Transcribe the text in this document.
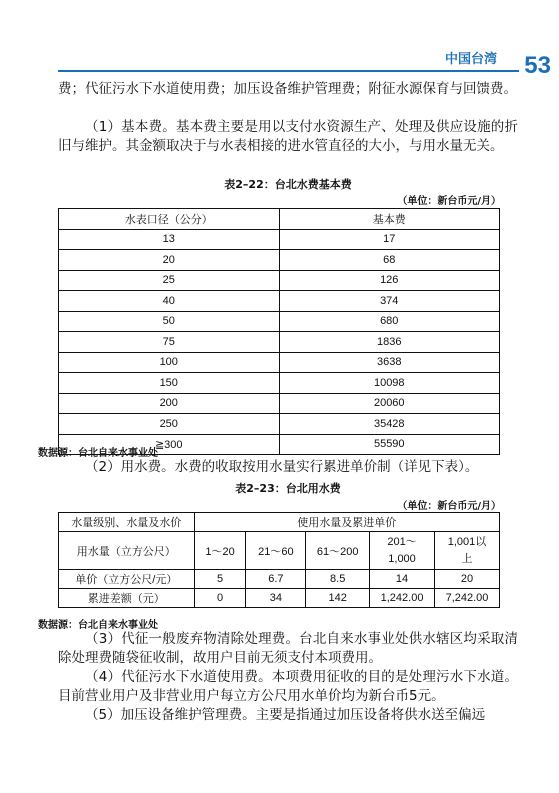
中国台湾 53

费；代征污水下水道使用费；加压设备维护管理费；附征水源保育与回馈费。

（1）基本费。基本费主要是用以支付水资源生产、处理及供应设施的折旧与维护。其金额取决于与水表相接的进水管直径的大小，与用水量无关。

表2–22：台北水费基本费
（单位：新台币元/月）
水表口径（公分）	基本费
13	17
20	68
25	126
40	374
50	680
75	1836
100	3638
150	10098
200	20060
250	35428
≧300	55590
数据源：台北自来水事业处

（2）用水费。水费的收取按用水量实行累进单价制（详见下表）。

表2–23：台北用水费
（单位：新台币元/月）
水量级别、水量及水价	使用水量及累进单价				
用水量（立方公尺）	1～20	21～60	61～200	201～1,000	1,001以上
单价（立方公尺/元）	5	6.7	8.5	14	20
累进差额（元）	0	34	142	1,242.00	7,242.00
数据源：台北自来水事业处

（3）代征一般废弃物清除处理费。台北自来水事业处供水辖区均采取清除处理费随袋征收制，故用户目前无须支付本项费用。

（4）代征污水下水道使用费。本项费用征收的目的是处理污水下水道。目前营业用户及非营业用户每立方公尺用水单价均为新台币5元。

（5）加压设备维护管理费。主要是指通过加压设备将供水送至偏远
